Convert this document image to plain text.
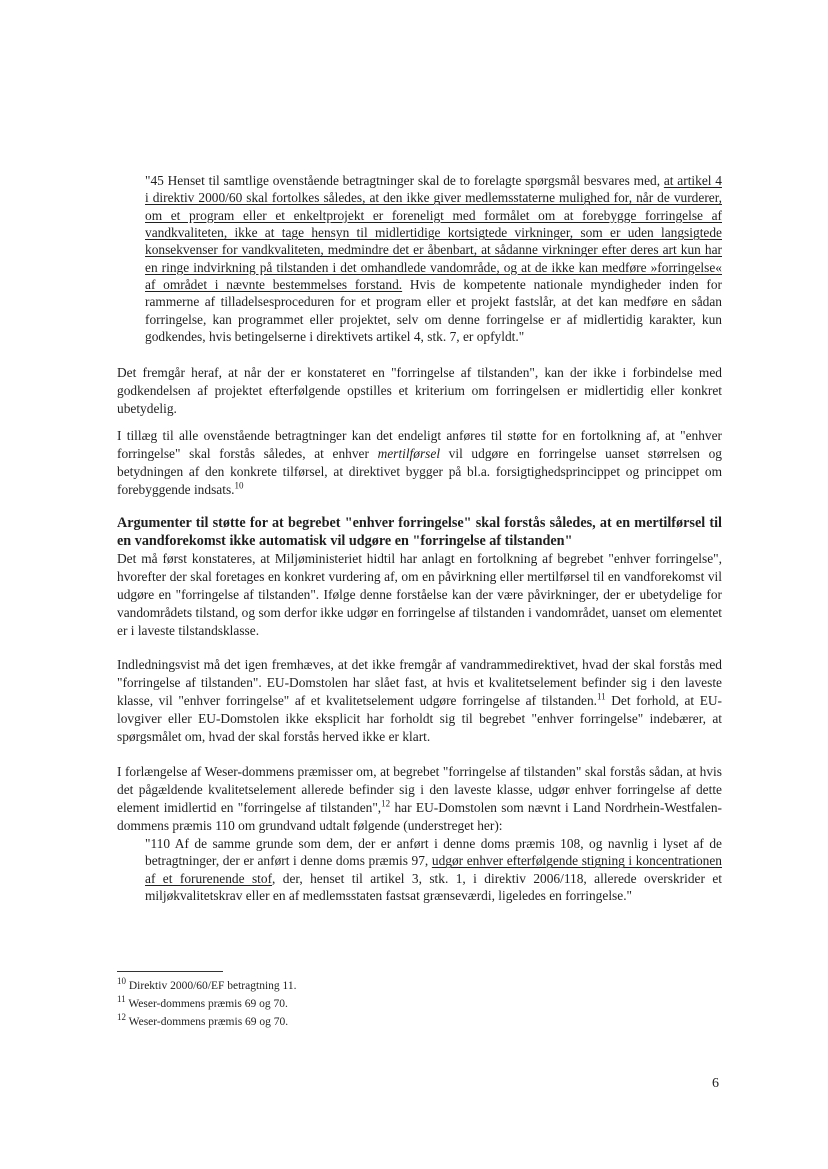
"45 Henset til samtlige ovenstående betragtninger skal de to forelagte spørgsmål besvares med, at artikel 4 i direktiv 2000/60 skal fortolkes således, at den ikke giver medlemsstaterne mulighed for, når de vurderer, om et program eller et enkeltprojekt er foreneligt med formålet om at forebygge forringelse af vandkvaliteten, ikke at tage hensyn til midlertidige kortsigtede virkninger, som er uden langsigtede konsekvenser for vandkvaliteten, medmindre det er åbenbart, at sådanne virkninger efter deres art kun har en ringe indvirkning på tilstanden i det omhandlede vandområde, og at de ikke kan medføre »forringelse« af området i nævnte bestemmelses forstand. Hvis de kompetente nationale myndigheder inden for rammerne af tilladelsesproceduren for et program eller et projekt fastslår, at det kan medføre en sådan forringelse, kan programmet eller projektet, selv om denne forringelse er af midlertidig karakter, kun godkendes, hvis betingelserne i direktivets artikel 4, stk. 7, er opfyldt."

Det fremgår heraf, at når der er konstateret en "forringelse af tilstanden", kan der ikke i forbindelse med godkendelsen af projektet efterfølgende opstilles et kriterium om forringelsen er midlertidig eller konkret ubetydelig.

I tillæg til alle ovenstående betragtninger kan det endeligt anføres til støtte for en fortolkning af, at "enhver forringelse" skal forstås således, at enhver mertilførsel vil udgøre en forringelse uanset størrelsen og betydningen af den konkrete tilførsel, at direktivet bygger på bl.a. forsigtighedsprincippet og princippet om forebyggende indsats.$^{10}$

Argumenter til støtte for at begrebet "enhver forringelse" skal forstås således, at en mertilførsel til en vandforekomst ikke automatisk vil udgøre en "forringelse af tilstanden"

Det må først konstateres, at Miljøministeriet hidtil har anlagt en fortolkning af begrebet "enhver forringelse", hvorefter der skal foretages en konkret vurdering af, om en påvirkning eller mertilførsel til en vandforekomst vil udgøre en "forringelse af tilstanden". Ifølge denne forståelse kan der være påvirkninger, der er ubetydelige for vandområdets tilstand, og som derfor ikke udgør en forringelse af tilstanden i vandområdet, uanset om elementet er i laveste tilstandsklasse.

Indledningsvist må det igen fremhæves, at det ikke fremgår af vandrammedirektivet, hvad der skal forstås med "forringelse af tilstanden". EU-Domstolen har slået fast, at hvis et kvalitetselement befinder sig i den laveste klasse, vil "enhver forringelse" af et kvalitetselement udgøre forringelse af tilstanden.$^{11}$ Det forhold, at EU-lovgiver eller EU-Domstolen ikke eksplicit har forholdt sig til begrebet "enhver forringelse" indebærer, at spørgsmålet om, hvad der skal forstås herved ikke er klart.

I forlængelse af Weser-dommens præmisser om, at begrebet "forringelse af tilstanden" skal forstås sådan, at hvis det pågældende kvalitetselement allerede befinder sig i den laveste klasse, udgør enhver forringelse af dette element imidlertid en "forringelse af tilstanden",$^{12}$ har EU-Domstolen som nævnt i Land Nordrhein-Westfalen-dommens præmis 110 om grundvand udtalt følgende (understreget her):

"110 Af de samme grunde som dem, der er anført i denne doms præmis 108, og navnlig i lyset af de betragtninger, der er anført i denne doms præmis 97, udgør enhver efterfølgende stigning i koncentrationen af et forurenende stof, der, henset til artikel 3, stk. 1, i direktiv 2006/118, allerede overskrider et miljøkvalitetskrav eller en af medlemsstaten fastsat grænseværdi, ligeledes en forringelse."

$^{10}$ Direktiv 2000/60/EF betragtning 11.

$^{11}$ Weser-dommens præmis 69 og 70.

$^{12}$ Weser-dommens præmis 69 og 70.

6
